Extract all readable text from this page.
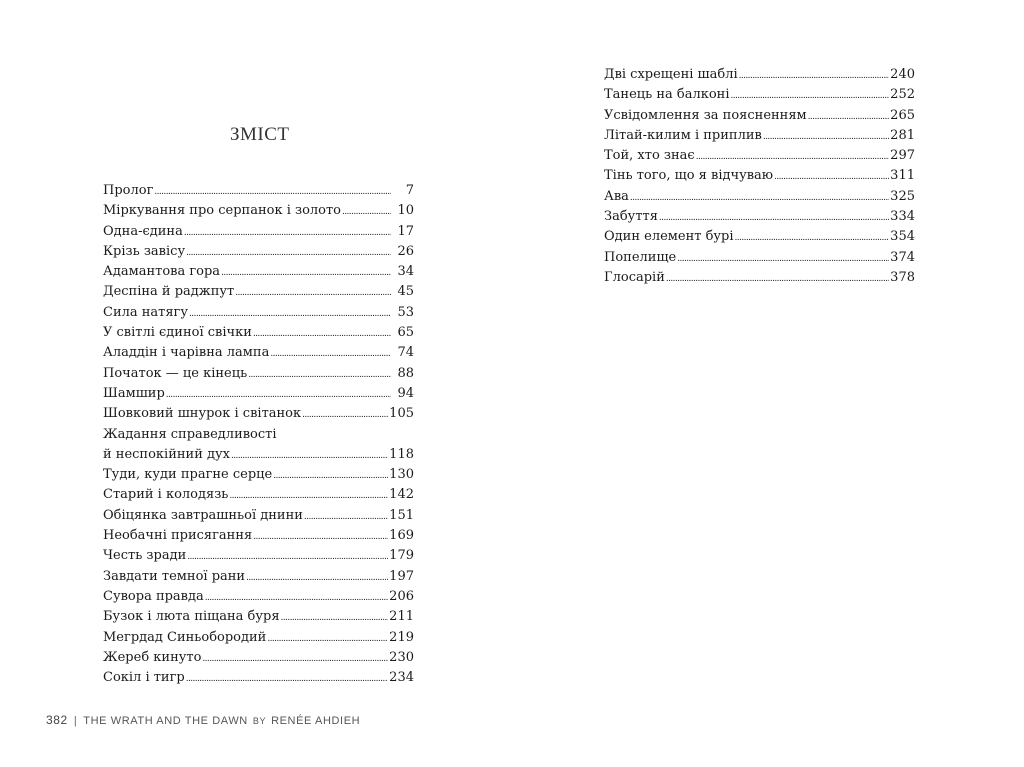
ЗМІСТ
Пролог .....	7
Міркування про серпанок і золото .....	10
Одна-єдина .....	17
Крізь завісу .....	26
Адамантова гора .....	34
Деспіна й раджпут .....	45
Сила натягу .....	53
У світлі єдиної свічки .....	65
Аладдін і чарівна лампа .....	74
Початок — це кінець .....	88
Шамшир .....	94
Шовковий шнурок і світанок .....	105
Жадання справедливості
й неспокійний дух .....	118
Туди, куди прагне серце .....	130
Старий і колодязь .....	142
Обіцянка завтрашньої днини .....	151
Необачні присягання .....	169
Честь зради .....	179
Завдати темної рани .....	197
Сувора правда .....	206
Бузок і люта піщана буря .....	211
Мегрдад Синьобородий .....	219
Жереб кинуто .....	230
Сокіл і тигр .....	234
382 | THE WRATH AND THE DAWN BY RENÉE AHDIEH
Дві схрещені шаблі .....	240
Танець на балконі .....	252
Усвідомлення за поясненням .....	265
Літай-килим і приплив .....	281
Той, хто знає .....	297
Тінь того, що я відчуваю .....	311
Ава .....	325
Забуття .....	334
Один елемент бурі .....	354
Попелище .....	374
Глосарій .....	378
